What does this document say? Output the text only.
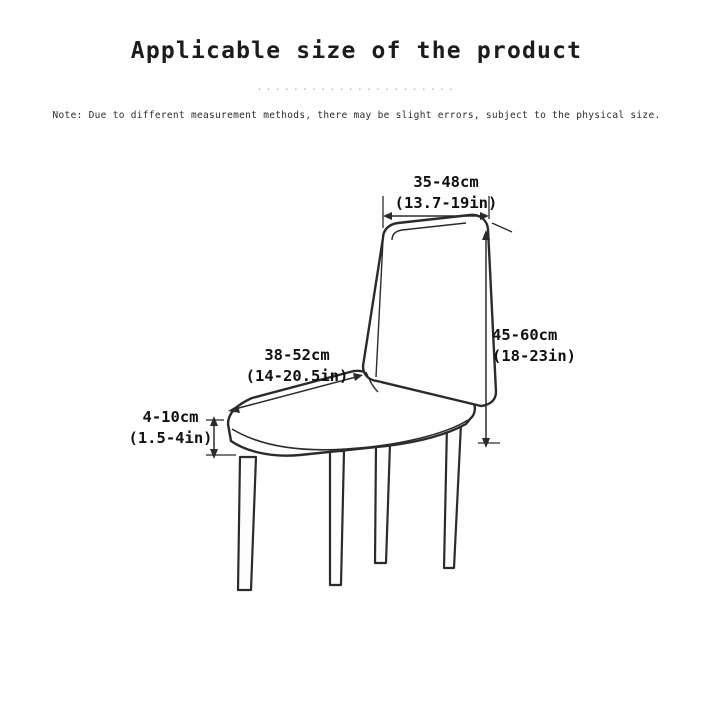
Applicable size of the product
......................
Note: Due to different measurement methods, there may be slight errors, subject to the physical size.
35-48cm
(13.7-19in)
45-60cm
(18-23in)
38-52cm
(14-20.5in)
4-10cm
(1.5-4in)
